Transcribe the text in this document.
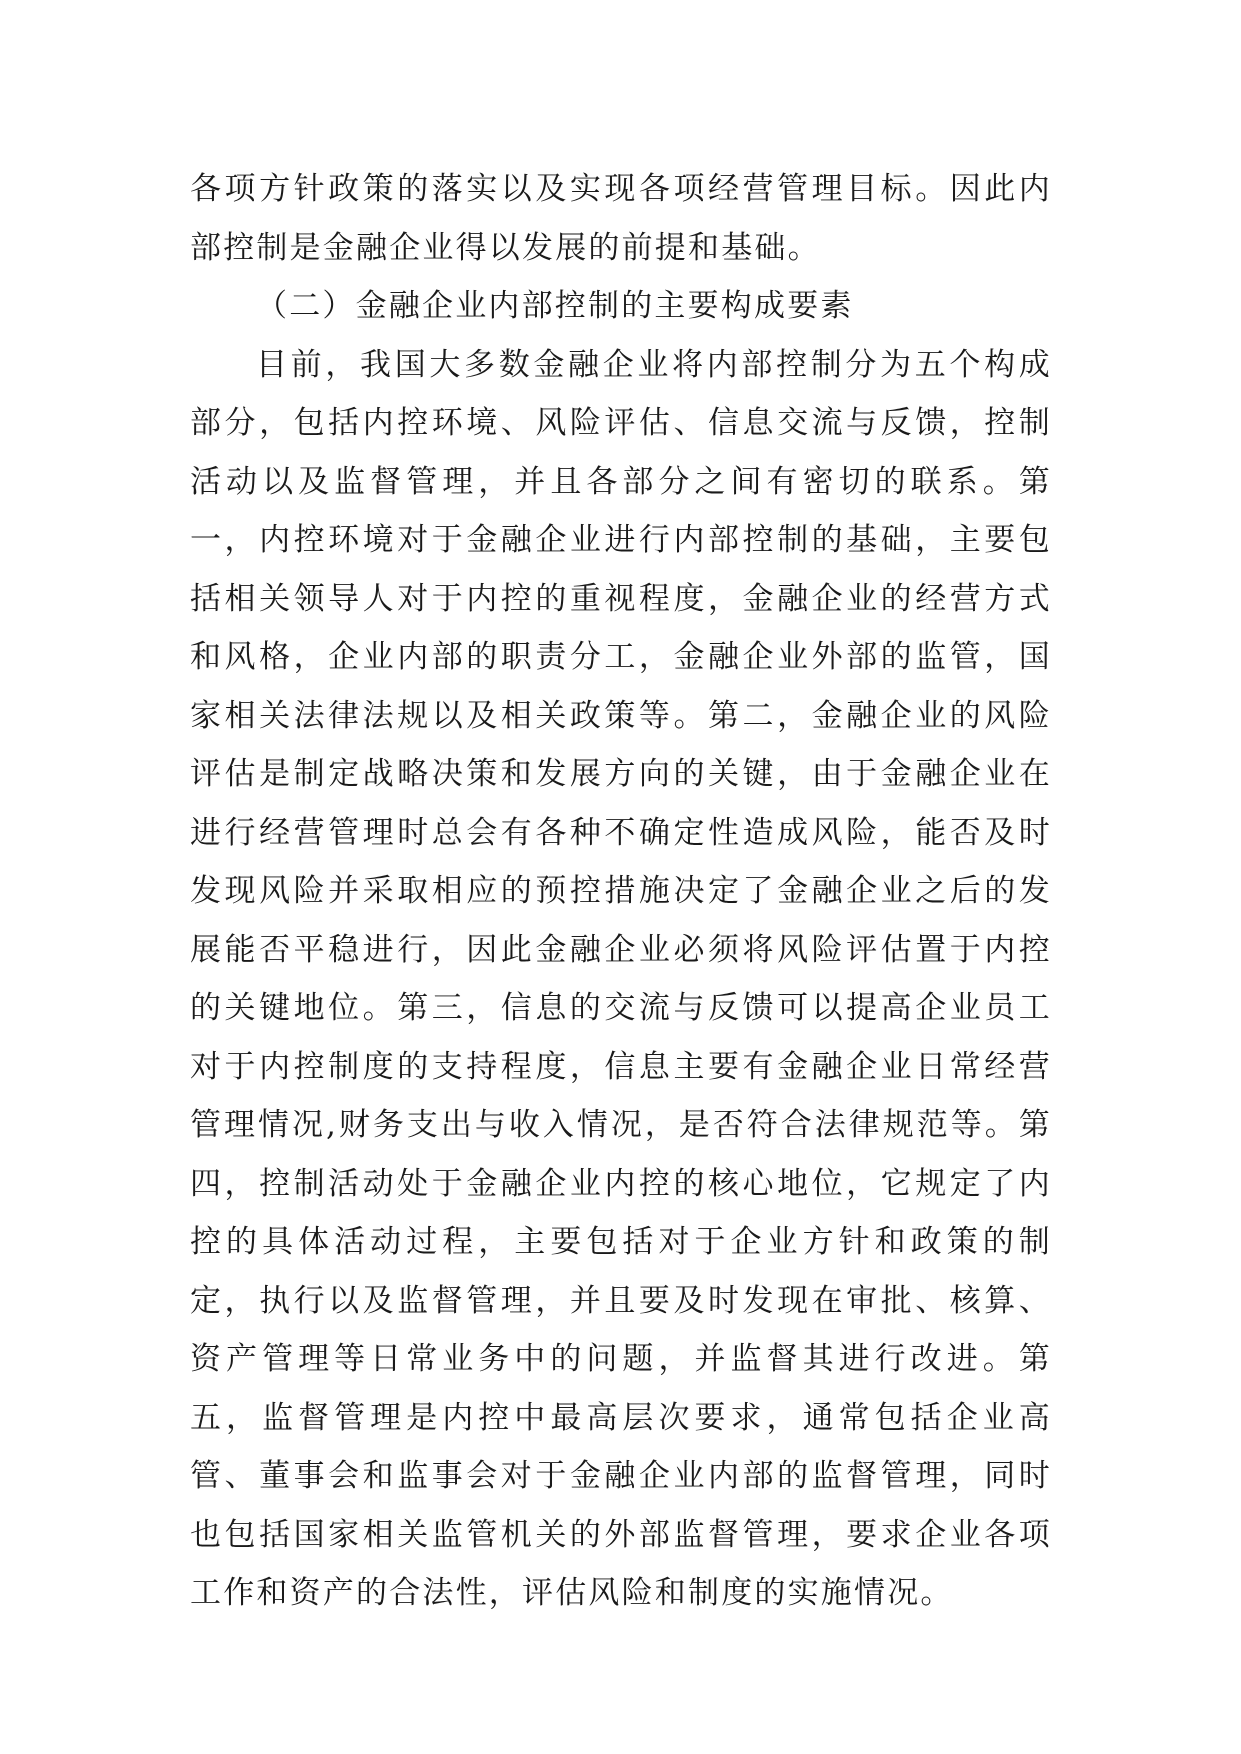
各项方针政策的落实以及实现各项经营管理目标。因此内部控制是金融企业得以发展的前提和基础。

（二）金融企业内部控制的主要构成要素

目前，我国大多数金融企业将内部控制分为五个构成部分，包括内控环境、风险评估、信息交流与反馈，控制活动以及监督管理，并且各部分之间有密切的联系。第一，内控环境对于金融企业进行内部控制的基础，主要包括相关领导人对于内控的重视程度，金融企业的经营方式和风格，企业内部的职责分工，金融企业外部的监管，国家相关法律法规以及相关政策等。第二，金融企业的风险评估是制定战略决策和发展方向的关键，由于金融企业在进行经营管理时总会有各种不确定性造成风险，能否及时发现风险并采取相应的预控措施决定了金融企业之后的发展能否平稳进行，因此金融企业必须将风险评估置于内控的关键地位。第三，信息的交流与反馈可以提高企业员工对于内控制度的支持程度，信息主要有金融企业日常经营管理情况,财务支出与收入情况，是否符合法律规范等。第四，控制活动处于金融企业内控的核心地位，它规定了内控的具体活动过程，主要包括对于企业方针和政策的制定，执行以及监督管理，并且要及时发现在审批、核算、资产管理等日常业务中的问题，并监督其进行改进。第五，监督管理是内控中最高层次要求，通常包括企业高管、董事会和监事会对于金融企业内部的监督管理，同时也包括国家相关监管机关的外部监督管理，要求企业各项工作和资产的合法性，评估风险和制度的实施情况。
